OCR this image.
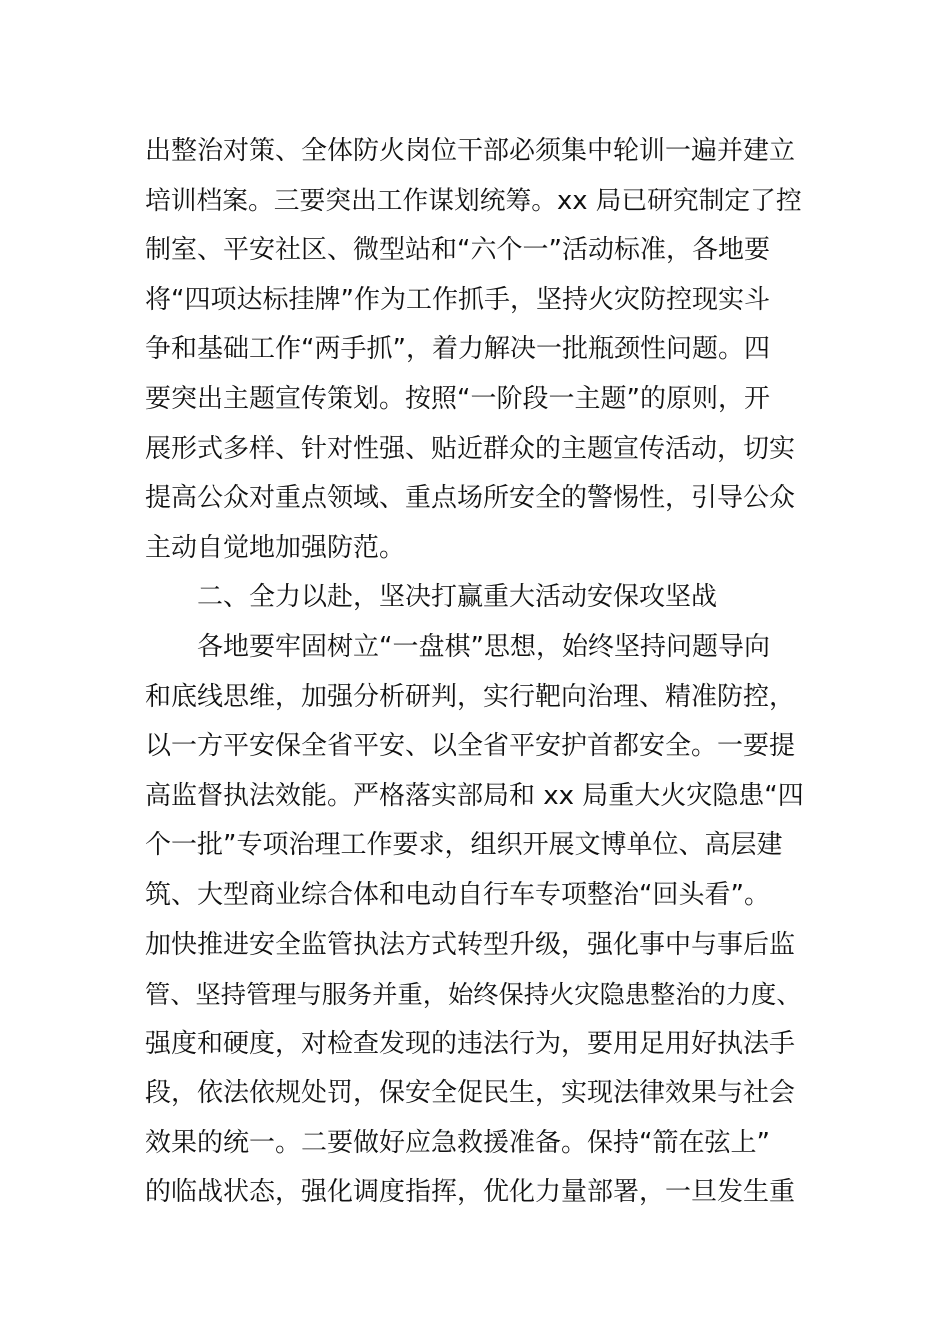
出整治对策、全体防火岗位干部必须集中轮训一遍并建立
培训档案。三要突出工作谋划统筹。xx 局已研究制定了控
制室、平安社区、微型站和“六个一”活动标准，各地要
将“四项达标挂牌”作为工作抓手，坚持火灾防控现实斗
争和基础工作“两手抓”，着力解决一批瓶颈性问题。四
要突出主题宣传策划。按照“一阶段一主题”的原则，开
展形式多样、针对性强、贴近群众的主题宣传活动，切实
提高公众对重点领域、重点场所安全的警惕性，引导公众
主动自觉地加强防范。
二、全力以赴，坚决打赢重大活动安保攻坚战
各地要牢固树立“一盘棋”思想，始终坚持问题导向
和底线思维，加强分析研判，实行靶向治理、精准防控，
以一方平安保全省平安、以全省平安护首都安全。一要提
高监督执法效能。严格落实部局和 xx 局重大火灾隐患“四
个一批”专项治理工作要求，组织开展文博单位、高层建
筑、大型商业综合体和电动自行车专项整治“回头看”。
加快推进安全监管执法方式转型升级，强化事中与事后监
管、坚持管理与服务并重，始终保持火灾隐患整治的力度、
强度和硬度，对检查发现的违法行为，要用足用好执法手
段，依法依规处罚，保安全促民生，实现法律效果与社会
效果的统一。二要做好应急救援准备。保持“箭在弦上”
的临战状态，强化调度指挥，优化力量部署，一旦发生重
